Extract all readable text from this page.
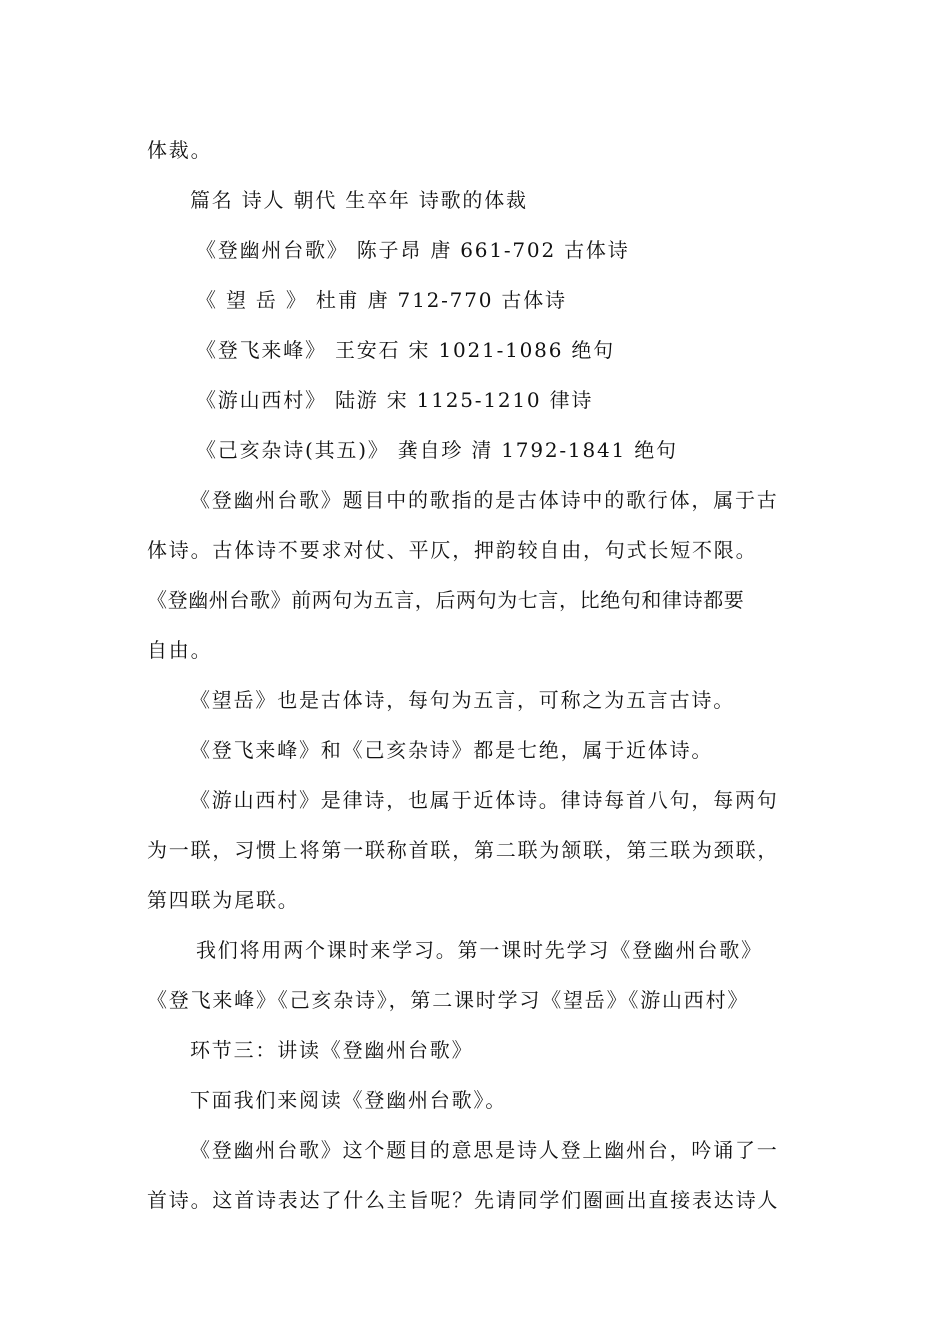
体裁。
篇名 诗人 朝代 生卒年 诗歌的体裁
《登幽州台歌》 陈子昂 唐 661-702 古体诗
《 望 岳 》 杜甫 唐 712-770 古体诗
《登飞来峰》 王安石 宋 1021-1086 绝句
《游山西村》 陆游 宋 1125-1210 律诗
《己亥杂诗(其五)》 龚自珍 清 1792-1841 绝句
《登幽州台歌》题目中的歌指的是古体诗中的歌行体，属于古
体诗。古体诗不要求对仗、平仄，押韵较自由，句式长短不限。
《登幽州台歌》前两句为五言，后两句为七言，比绝句和律诗都要
自由。
《望岳》也是古体诗，每句为五言，可称之为五言古诗。
《登飞来峰》和《己亥杂诗》都是七绝，属于近体诗。
《游山西村》是律诗，也属于近体诗。律诗每首八句，每两句
为一联，习惯上将第一联称首联，第二联为颔联，第三联为颈联，
第四联为尾联。
我们将用两个课时来学习。第一课时先学习《登幽州台歌》
《登飞来峰》《己亥杂诗》，第二课时学习《望岳》《游山西村》
环节三：讲读《登幽州台歌》
下面我们来阅读《登幽州台歌》。
《登幽州台歌》这个题目的意思是诗人登上幽州台，吟诵了一
首诗。这首诗表达了什么主旨呢？先请同学们圈画出直接表达诗人
